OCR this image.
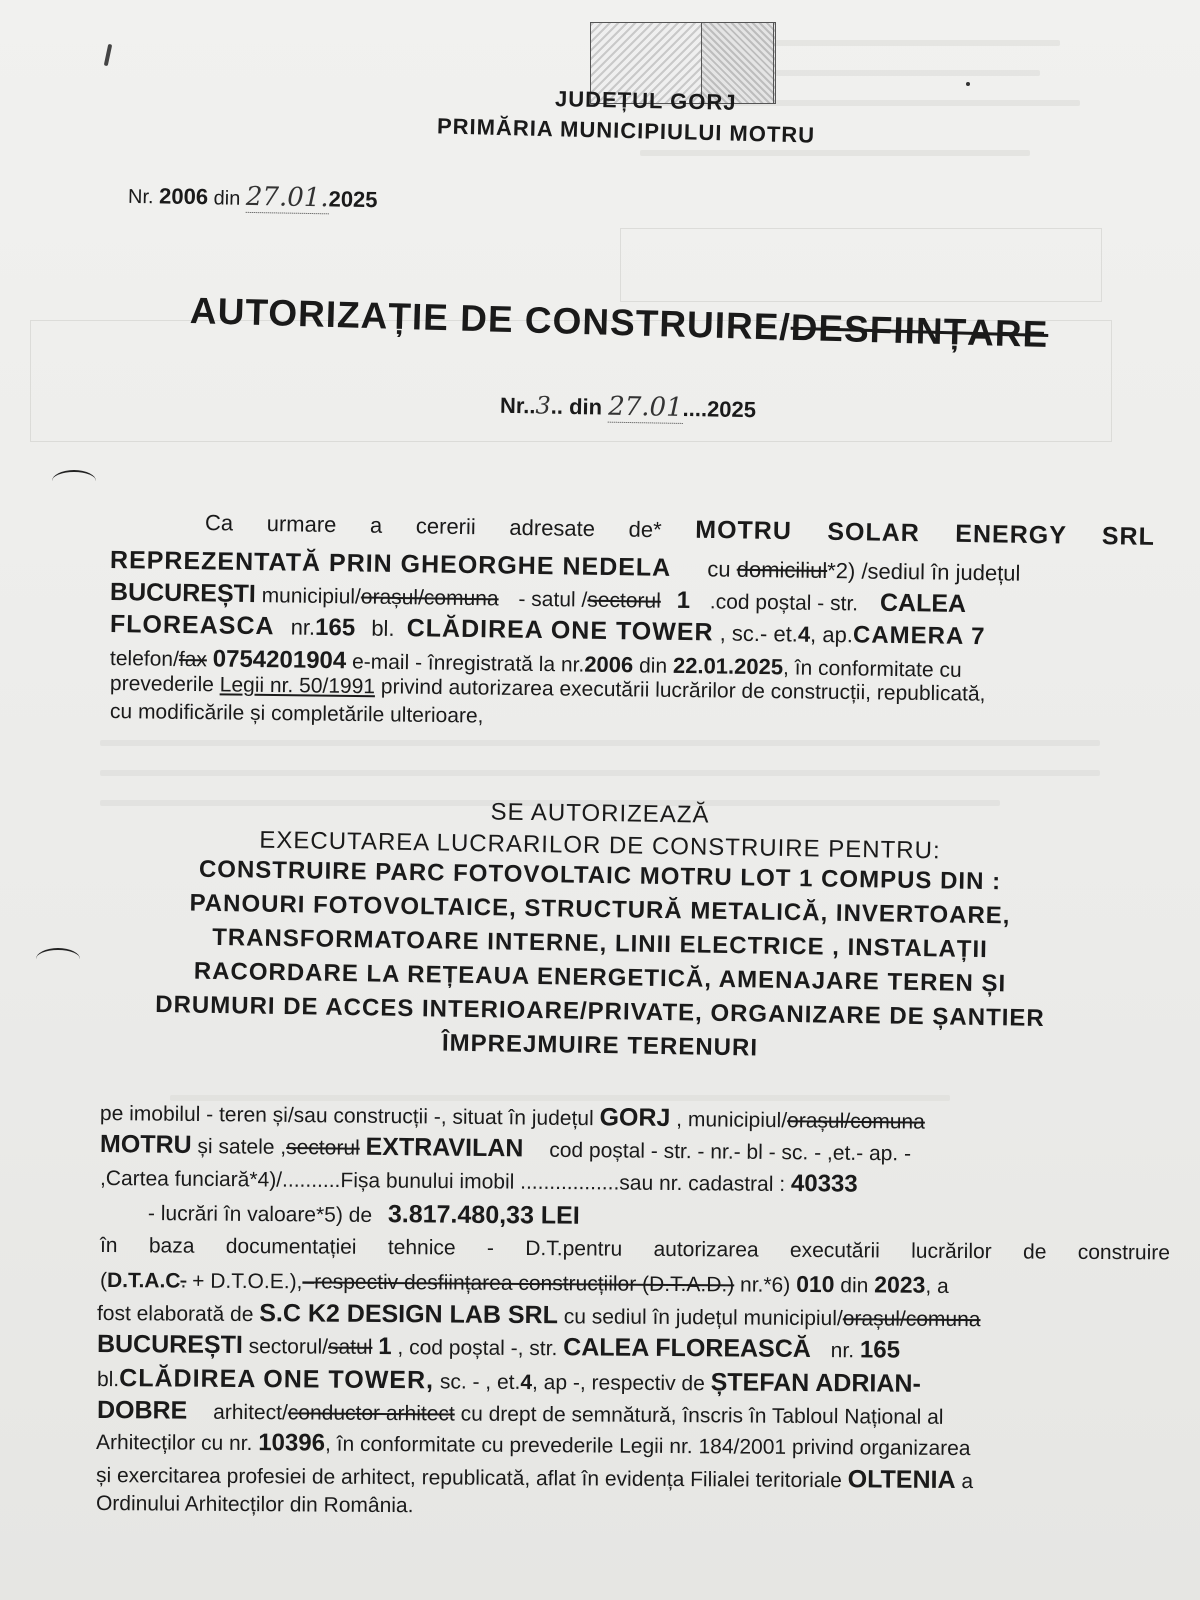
JUDEȚUL GORJ
PRIMĂRIA MUNICIPIULUI MOTRU
Nr. 2006 din 27.01.2025
AUTORIZAȚIE DE CONSTRUIRE/DESFIINȚARE
Nr..3.. din 27.01....2025
Ca urmare a cererii adresate de* MOTRU SOLAR ENERGY SRL
REPREZENTATĂ PRIN GHEORGHE NEDELA cu domiciliul*2) /sediul în județul
BUCUREȘTI municipiul/orașul/comuna - satul /sectorul 1 .cod poștal - str. CALEA
FLOREASCA nr.165 bl. CLĂDIREA ONE TOWER , sc.- et.4, ap.CAMERA 7
telefon/fax 0754201904 e-mail - înregistrată la nr.2006 din 22.01.2025, în conformitate cu
prevederile Legii nr. 50/1991 privind autorizarea executării lucrărilor de construcții, republicată,
cu modificările și completările ulterioare,
SE AUTORIZEAZĂ
EXECUTAREA LUCRARILOR DE CONSTRUIRE PENTRU:
CONSTRUIRE PARC FOTOVOLTAIC MOTRU LOT 1 COMPUS DIN :
PANOURI FOTOVOLTAICE, STRUCTURĂ METALICĂ, INVERTOARE,
TRANSFORMATOARE INTERNE, LINII ELECTRICE , INSTALAȚII
RACORDARE LA REȚEAUA ENERGETICĂ, AMENAJARE TEREN ȘI
DRUMURI DE ACCES INTERIOARE/PRIVATE, ORGANIZARE DE ȘANTIER
ÎMPREJMUIRE TERENURI
pe imobilul - teren și/sau construcții -, situat în județul GORJ , municipiul/orașul/comuna
MOTRU și satele ,sectorul EXTRAVILAN cod poștal - str. - nr.- bl - sc. - ,et.- ap. -
,Cartea funciară*4)/..........Fișa bunului imobil .................sau nr. cadastral : 40333
- lucrări în valoare*5) de 3.817.480,33 LEI
în baza documentației tehnice - D.T.pentru autorizarea executării lucrărilor de construire
(D.T.A.C. + D.T.O.E.),–respectiv desființarea construcțiilor (D.T.A.D.) nr.*6) 010 din 2023, a
fost elaborată de S.C K2 DESIGN LAB SRL cu sediul în județul municipiul/orașul/comuna
BUCUREȘTI sectorul/satul 1 , cod poștal -, str. CALEA FLOREASCĂ nr. 165
bl.CLĂDIREA ONE TOWER, sc. - , et.4, ap -, respectiv de ȘTEFAN ADRIAN-
DOBRE arhitect/conductor arhitect cu drept de semnătură, înscris în Tabloul Național al
Arhitecților cu nr. 10396, în conformitate cu prevederile Legii nr. 184/2001 privind organizarea
și exercitarea profesiei de arhitect, republicată, aflat în evidența Filialei teritoriale OLTENIA a
Ordinului Arhitecților din România.
